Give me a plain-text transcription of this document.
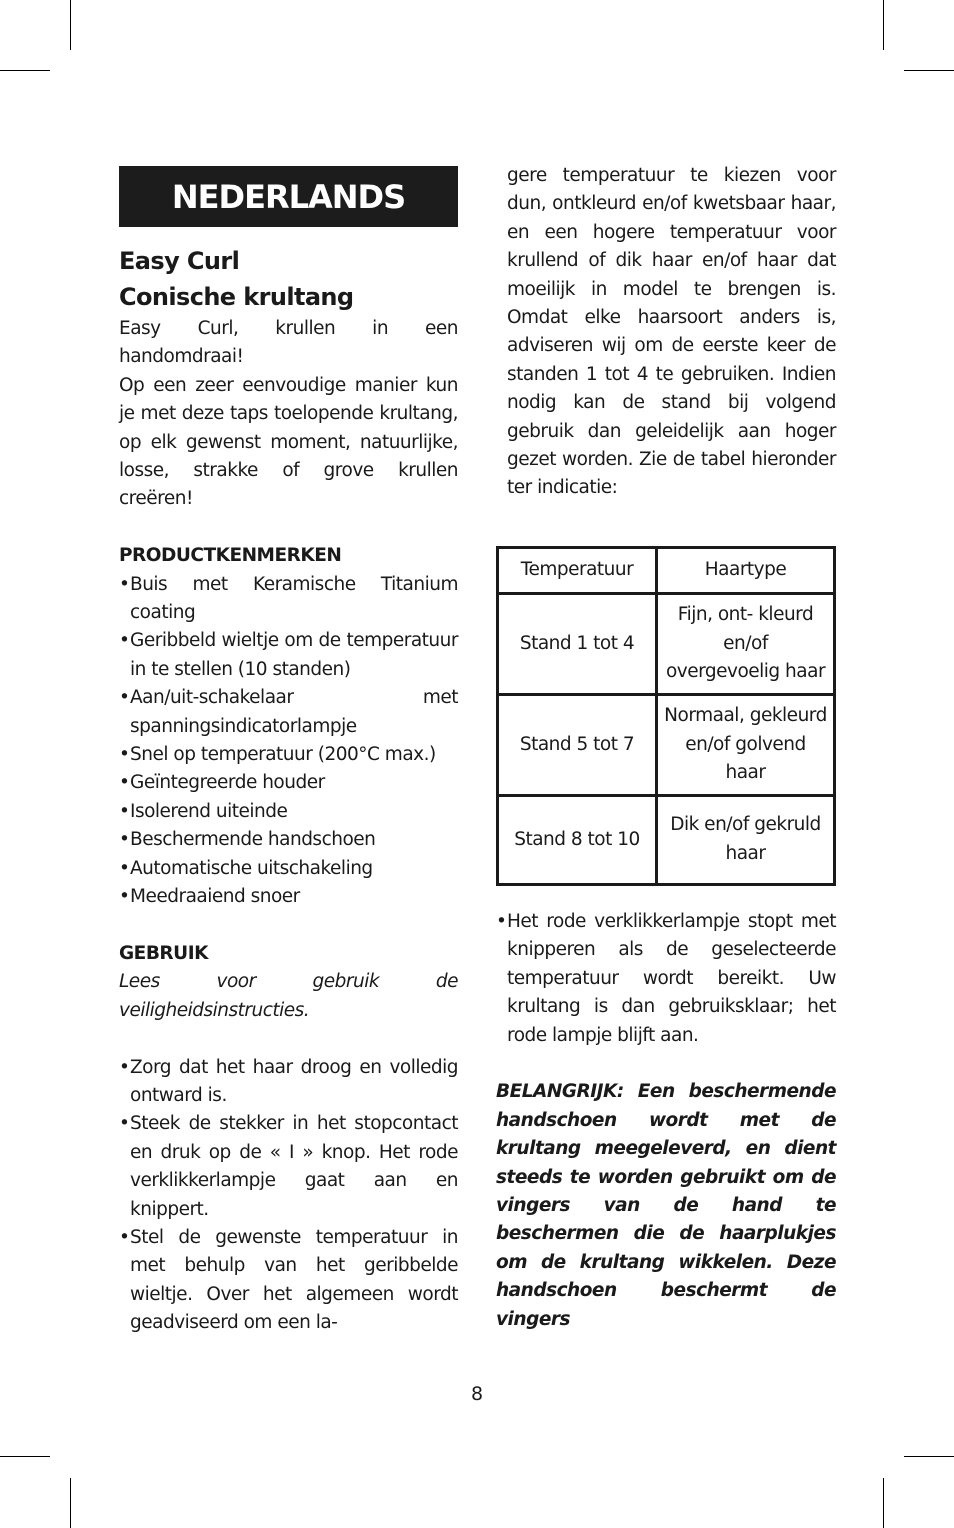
NEDERLANDS
Easy Curl
Conische krultang

Easy Curl, krullen in een handomdraai!

Op een zeer eenvoudige manier kun je met deze taps toelopende krultang, op elk gewenst moment, natuurlijke, losse, strakke of grove krullen creëren!

PRODUCTKENMERKEN
• Buis met Keramische Titanium coating
• Geribbeld wieltje om de temperatuur in te stellen (10 standen)
• Aan/uit-schakelaar met spanningsindicatorlampje
• Snel op temperatuur (200°C max.)
• Geïntegreerde houder
• Isolerend uiteinde
• Beschermende handschoen
• Automatische uitschakeling
• Meedraaiend snoer
GEBRUIK

Lees voor gebruik de veiligheidsinstructies.

• Zorg dat het haar droog en volledig ontward is.
• Steek de stekker in het stopcontact en druk op de « I » knop. Het rode verklikkerlampje gaat aan en knippert.
• Stel de gewenste temperatuur in met behulp van het geribbelde wieltje. Over het algemeen wordt geadviseerd om een la-

gere temperatuur te kiezen voor dun, ontkleurd en/of kwetsbaar haar, en een hogere temperatuur voor krullend of dik haar en/of haar dat moeilijk in model te brengen is. Omdat elke haarsoort anders is, adviseren wij om de eerste keer de standen 1 tot 4 te gebruiken. Indien nodig kan de stand bij volgend gebruik dan geleidelijk aan hoger gezet worden. Zie de tabel hieronder ter indicatie:

Temperatuur	Haartype
Stand 1 tot 4	Fijn, ont- kleurd en/of overgevoelig haar
Stand 5 tot 7	Normaal, gekleurd en/of golvend haar
Stand 8 tot 10	Dik en/of gekruld haar
• Het rode verklikkerlampje stopt met knipperen als de geselecteerde temperatuur wordt bereikt. Uw krultang is dan gebruiksklaar; het rode lampje blijft aan.
BELANGRIJK: Een beschermende handschoen wordt met de krultang meegeleverd, en dient steeds te worden gebruikt om de vingers van de hand te beschermen die de haarplukjes om de krultang wikkelen. Deze handschoen beschermt de vingers
8
